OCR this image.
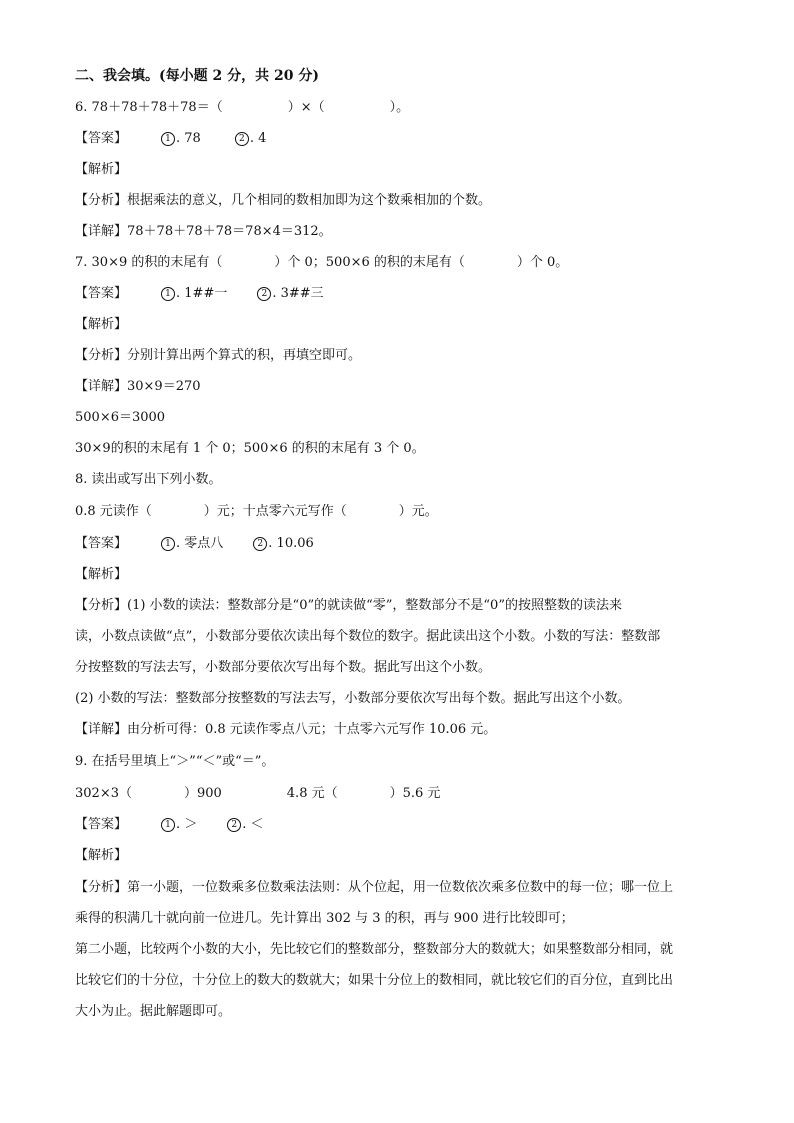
二、我会填。(每小题 2 分，共 20 分)
6. 78＋78＋78＋78＝（　　　　　）×（　　　　　）。
【答案】	1 . 78	2 . 4
【解析】
【分析】根据乘法的意义，几个相同的数相加即为这个数乘相加的个数。
【详解】78＋78＋78＋78＝78×4＝312。
7. 30×9 的积的末尾有（　　　　）个 0；500×6 的积的末尾有（　　　　）个 0。
【答案】	1 . 1##一	2 . 3##三
【解析】
【分析】分别计算出两个算式的积，再填空即可。
【详解】30×9＝270
500×6＝3000
30×9的积的末尾有 1 个 0；500×6 的积的末尾有 3 个 0。
8. 读出或写出下列小数。
0.8 元读作（　　　　）元；十点零六元写作（　　　　）元。
【答案】	1 . 零点八	2 . 10.06
【解析】
【分析】(1) 小数的读法：整数部分是“0”的就读做“零”，整数部分不是“0”的按照整数的读法来
读，小数点读做“点”，小数部分要依次读出每个数位的数字。据此读出这个小数。小数的写法：整数部
分按整数的写法去写，小数部分要依次写出每个数。据此写出这个小数。
(2) 小数的写法：整数部分按整数的写法去写，小数部分要依次写出每个数。据此写出这个小数。
【详解】由分析可得：0.8 元读作零点八元；十点零六元写作 10.06 元。
9. 在括号里填上“＞”“＜”或“＝”。
302×3（　　　　）900　　　　　4.8 元（　　　　）5.6 元
【答案】	1 . ＞	2 . ＜
【解析】
【分析】第一小题，一位数乘多位数乘法法则：从个位起，用一位数依次乘多位数中的每一位；哪一位上
乘得的积满几十就向前一位进几。先计算出 302 与 3 的积，再与 900 进行比较即可；
第二小题，比较两个小数的大小，先比较它们的整数部分，整数部分大的数就大；如果整数部分相同，就
比较它们的十分位，十分位上的数大的数就大；如果十分位上的数相同，就比较它们的百分位，直到比出
大小为止。据此解题即可。
